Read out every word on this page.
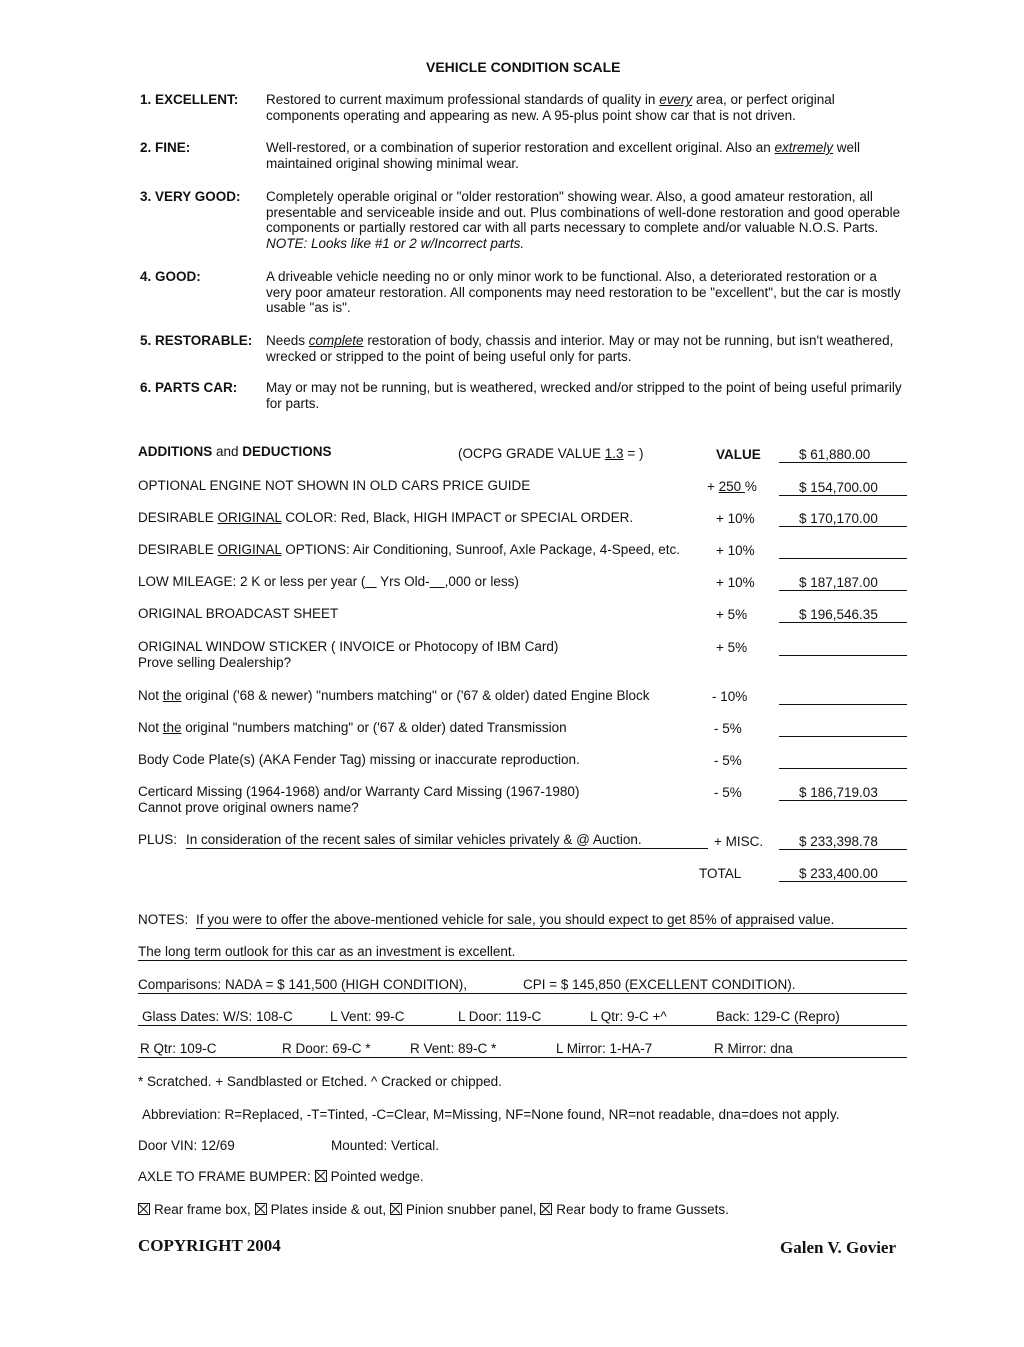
VEHICLE CONDITION SCALE
1. EXCELLENT: Restored to current maximum professional standards of quality in every area, or perfect original components operating and appearing as new. A 95-plus point show car that is not driven.
2. FINE:	Well-restored, or a combination of superior restoration and excellent original. Also an extremely well maintained original showing minimal wear.
3. VERY GOOD: Completely operable original or "older restoration" showing wear. Also, a good amateur restoration, all presentable and serviceable inside and out. Plus combinations of well-done restoration and good operable components or partially restored car with all parts necessary to complete and/or valuable N.O.S. Parts. NOTE: Looks like #1 or 2 w/Incorrect parts.
4. GOOD:	A driveable vehicle needing no or only minor work to be functional. Also, a deteriorated restoration or a very poor amateur restoration. All components may need restoration to be "excellent", but the car is mostly usable "as is".
5. RESTORABLE: Needs complete restoration of body, chassis and interior. May or may not be running, but isn't weathered, wrecked or stripped to the point of being useful only for parts.
6. PARTS CAR: May or may not be running, but is weathered, wrecked and/or stripped to the point of being useful primarily for parts.
ADDITIONS and DEDUCTIONS	(OCPG GRADE VALUE 1.3 = )	VALUE	$ 61,880.00
OPTIONAL ENGINE NOT SHOWN IN OLD CARS PRICE GUIDE	+ 250 %	$ 154,700.00
DESIRABLE ORIGINAL COLOR: Red, Black, HIGH IMPACT or SPECIAL ORDER.	+ 10%	$ 170,170.00
DESIRABLE ORIGINAL OPTIONS: Air Conditioning, Sunroof, Axle Package, 4-Speed, etc.	+ 10%
LOW MILEAGE: 2 K or less per year (    Yrs Old- ,000 or less)	+ 10%	$ 187,187.00
ORIGINAL BROADCAST SHEET	+ 5%	$ 196,546.35
ORIGINAL WINDOW STICKER ( INVOICE or Photocopy of IBM Card)
Prove selling Dealership?
+ 5%
Not the original ('68 & newer) "numbers matching" or ('67 & older) dated Engine Block	- 10%
Not the original "numbers matching" or ('67 & older) dated Transmission	- 5%
Body Code Plate(s) (AKA Fender Tag) missing or inaccurate reproduction.	- 5%
Certicard Missing (1964-1968) and/or Warranty Card Missing (1967-1980)
Cannot prove original owners name?
- 5%	$ 186,719.03
PLUS: In consideration of the recent sales of similar vehicles privately & @ Auction.	+ MISC.	$ 233,398.78
TOTAL	$ 233,400.00
NOTES: If you were to offer the above-mentioned vehicle for sale, you should expect to get 85% of appraised value.
The long term outlook for this car as an investment is excellent.
Comparisons: NADA = $ 141,500 (HIGH CONDITION),	CPI = $ 145,850 (EXCELLENT CONDITION).
Glass Dates: W/S: 108-C	L Vent: 99-C	L Door: 119-C	L Qtr: 9-C +^	Back: 129-C (Repro)
R Qtr: 109-C	R Door: 69-C *	R Vent: 89-C *	L Mirror: 1-HA-7	R Mirror: dna
* Scratched. + Sandblasted or Etched. ^ Cracked or chipped.
Abbreviation: R=Replaced, -T=Tinted, -C=Clear, M=Missing, NF=None found, NR=not readable, dna=does not apply.
Door VIN: 12/69	Mounted: Vertical.
AXLE TO FRAME BUMPER: Pointed wedge.
Rear frame box, Plates inside & out, Pinion snubber panel, Rear body to frame Gussets.
COPYRIGHT 2004	Galen V. Govier
